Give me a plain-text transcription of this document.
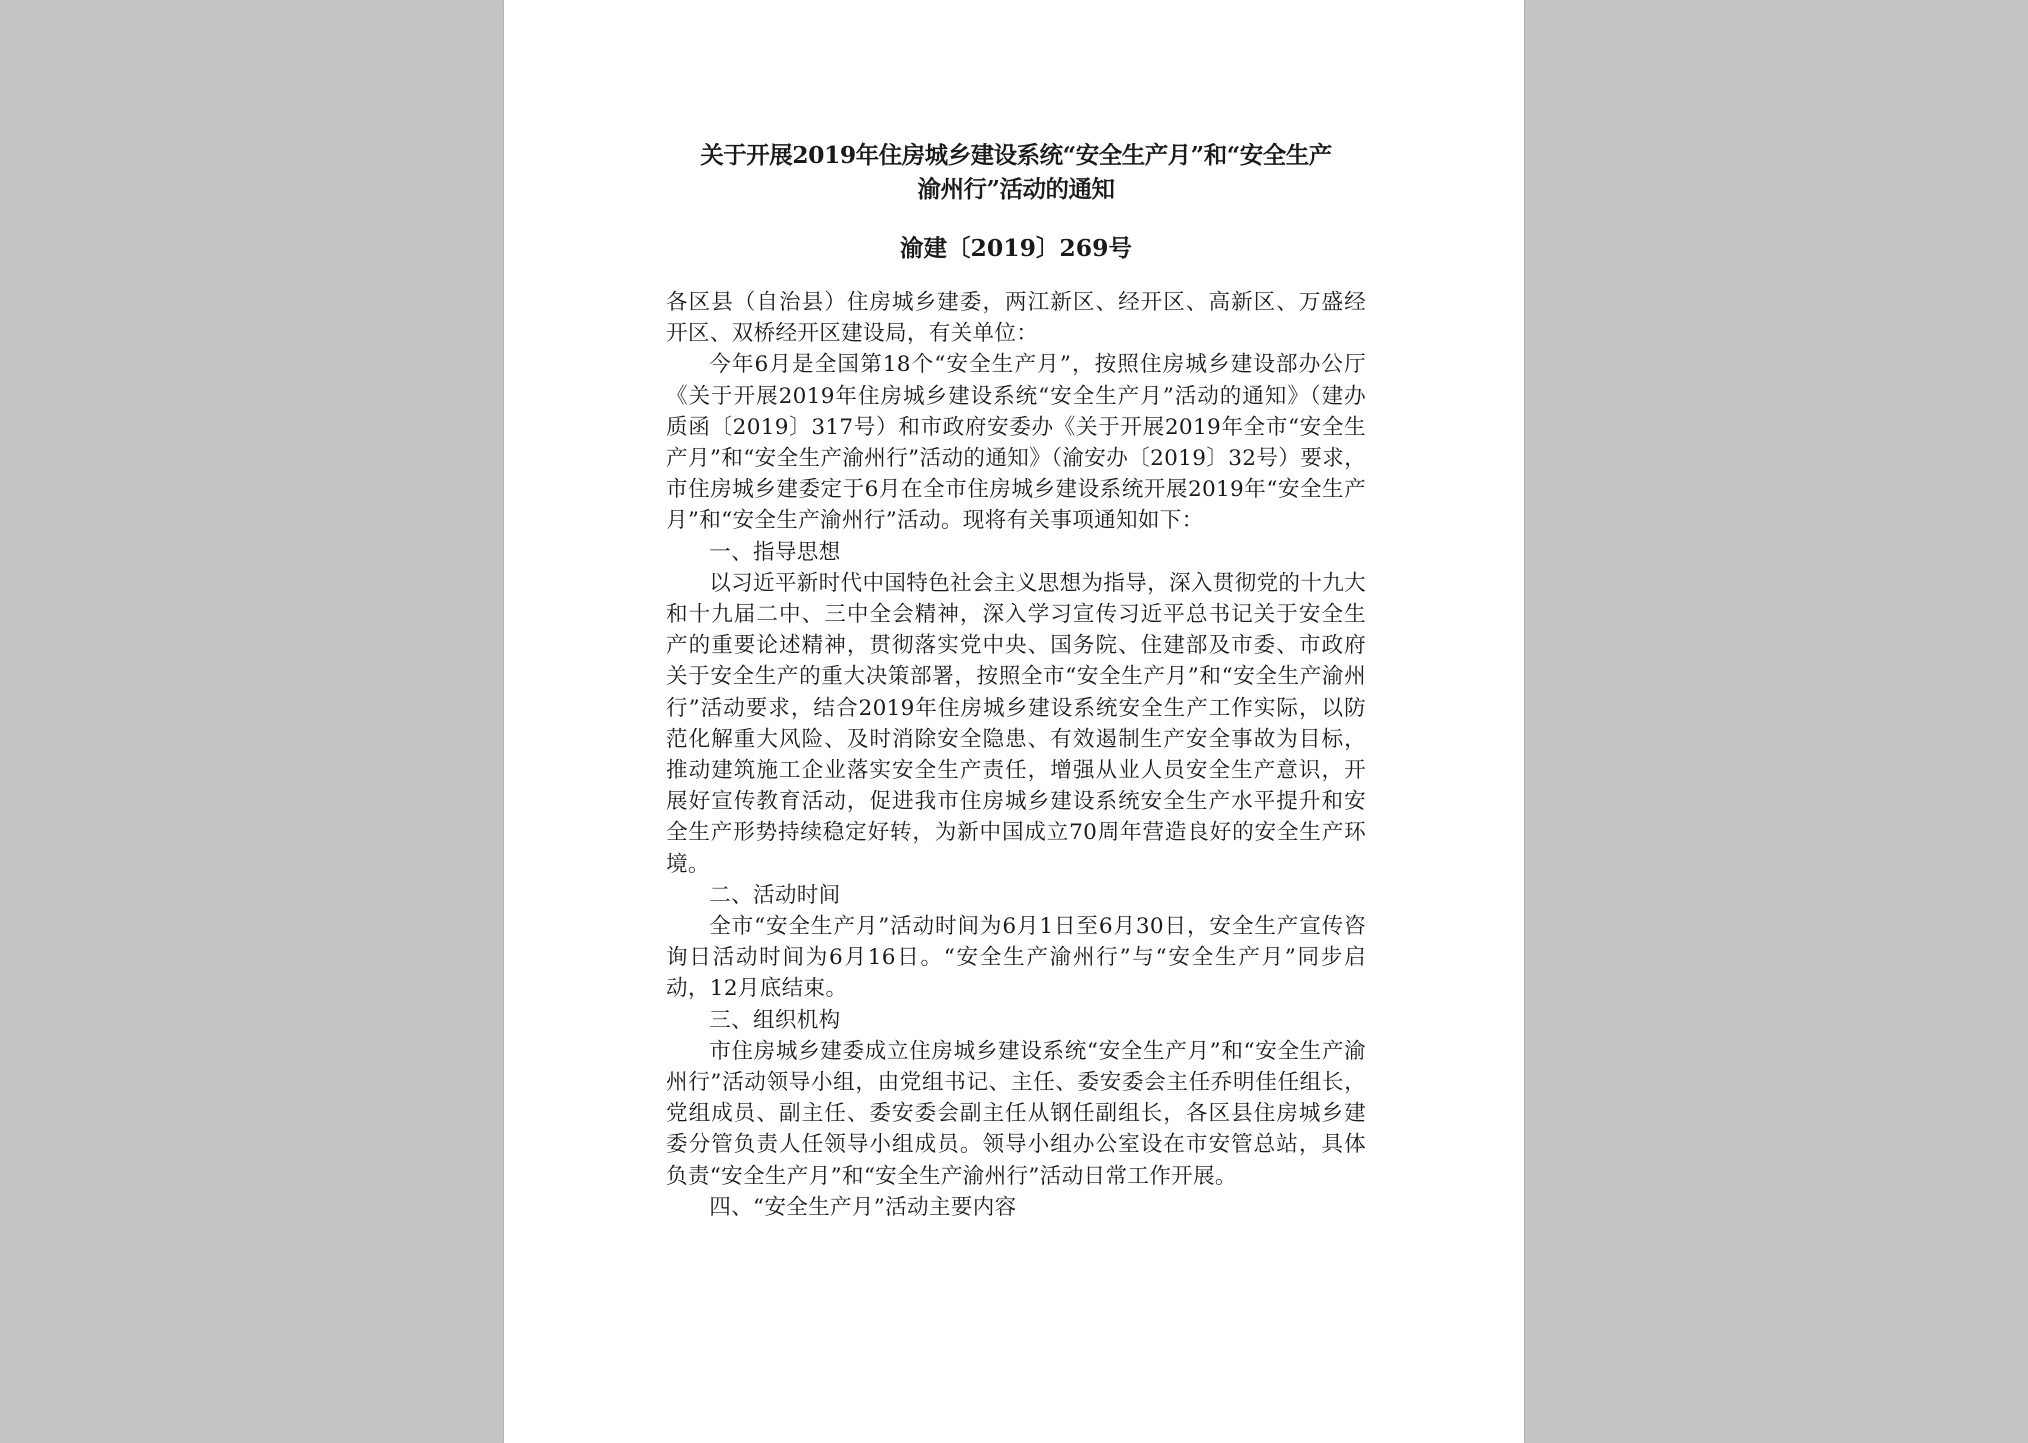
关于开展2019年住房城乡建设系统“安全生产月”和“安全生产

渝州行”活动的通知

渝建〔2019〕269号

各区县（自治县）住房城乡建委，两江新区、经开区、高新区、万盛经开区、双桥经开区建设局，有关单位：

今年6月是全国第18个“安全生产月”，按照住房城乡建设部办公厅《关于开展2019年住房城乡建设系统“安全生产月”活动的通知》（建办质函〔2019〕317号）和市政府安委办《关于开展2019年全市“安全生产月”和“安全生产渝州行”活动的通知》（渝安办〔2019〕32号）要求，市住房城乡建委定于6月在全市住房城乡建设系统开展2019年“安全生产月”和“安全生产渝州行”活动。现将有关事项通知如下：

一、指导思想

以习近平新时代中国特色社会主义思想为指导，深入贯彻党的十九大和十九届二中、三中全会精神，深入学习宣传习近平总书记关于安全生产的重要论述精神，贯彻落实党中央、国务院、住建部及市委、市政府关于安全生产的重大决策部署，按照全市“安全生产月”和“安全生产渝州行”活动要求，结合2019年住房城乡建设系统安全生产工作实际，以防范化解重大风险、及时消除安全隐患、有效遏制生产安全事故为目标，推动建筑施工企业落实安全生产责任，增强从业人员安全生产意识，开展好宣传教育活动，促进我市住房城乡建设系统安全生产水平提升和安全生产形势持续稳定好转，为新中国成立70周年营造良好的安全生产环境。

二、活动时间

全市“安全生产月”活动时间为6月1日至6月30日，安全生产宣传咨询日活动时间为6月16日。“安全生产渝州行”与“安全生产月”同步启动，12月底结束。

三、组织机构

市住房城乡建委成立住房城乡建设系统“安全生产月”和“安全生产渝州行”活动领导小组，由党组书记、主任、委安委会主任乔明佳任组长，党组成员、副主任、委安委会副主任从钢任副组长，各区县住房城乡建委分管负责人任领导小组成员。领导小组办公室设在市安管总站，具体负责“安全生产月”和“安全生产渝州行”活动日常工作开展。

四、“安全生产月”活动主要内容
